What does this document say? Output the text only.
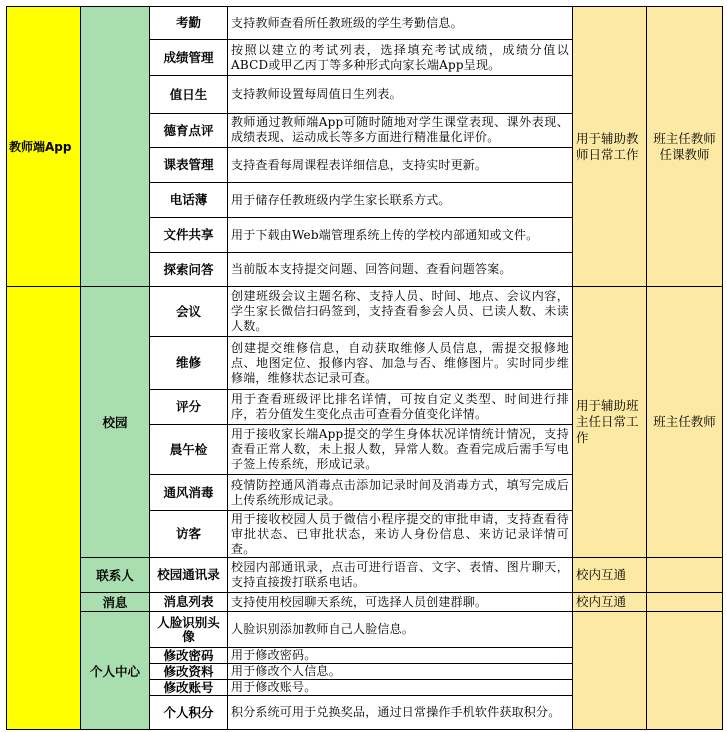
教师端App		考勤	支持教师查看所任教班级的学生考勤信息。	用于辅助教师日常工作	班主任教师任课教师
		成绩管理	按照以建立的考试列表，选择填充考试成绩，成绩分值以ABCD或甲乙丙丁等多种形式向家长端App呈现。		
		值日生	支持教师设置每周值日生列表。		
		德育点评	教师通过教师端App可随时随地对学生课堂表现、课外表现、成绩表现、运动成长等多方面进行精准量化评价。		

		课表管理	支持查看每周课程表详细信息，支持实时更新。		
		电话薄	用于储存任教班级内学生家长联系方式。		
		文件共享	用于下载由Web端管理系统上传的学校内部通知或文件。		
		探索问答	当前版本支持提交问题、回答问题、查看问题答案。		
	校园	会议	创建班级会议主题名称、支持人员、时间、地点、会议内容，学生家长微信扫码签到，支持查看参会人员、已读人数、未读人数。	用于辅助班主任日常工作	班主任教师
		维修	创建提交维修信息，自动获取维修人员信息，需提交报修地点、地图定位、报修内容、加急与否、维修图片。实时同步维修端，维修状态记录可查。		
		评分	用于查看班级评比排名详情，可按自定义类型、时间进行排序，若分值发生变化点击可查看分值变化详情。		
		晨午检	用于接收家长端App提交的学生身体状况详情统计情况，支持查看正常人数，未上报人数，异常人数。查看完成后需手写电子签上传系统，形成记录。		
		通风消毒	疫情防控通风消毒点击添加记录时间及消毒方式，填写完成后上传系统形成记录。		
		访客	用于接收校园人员于微信小程序提交的审批申请，支持查看待审批状态、已审批状态，来访人身份信息、来访记录详情可查。		
	联系人	校园通讯录	校园内部通讯录，点击可进行语音、文字、表情、图片聊天，支持直接拨打联系电话。	校内互通	
	消息	消息列表	支持使用校园聊天系统，可选择人员创建群聊。	校内互通	
	个人中心	人脸识别头像	人脸识别添加教师自己人脸信息。		
		修改密码	用于修改密码。		
		修改资料	用于修改个人信息。		
		修改账号	用于修改账号。		
		个人积分	积分系统可用于兑换奖品，通过日常操作手机软件获取积分。		
